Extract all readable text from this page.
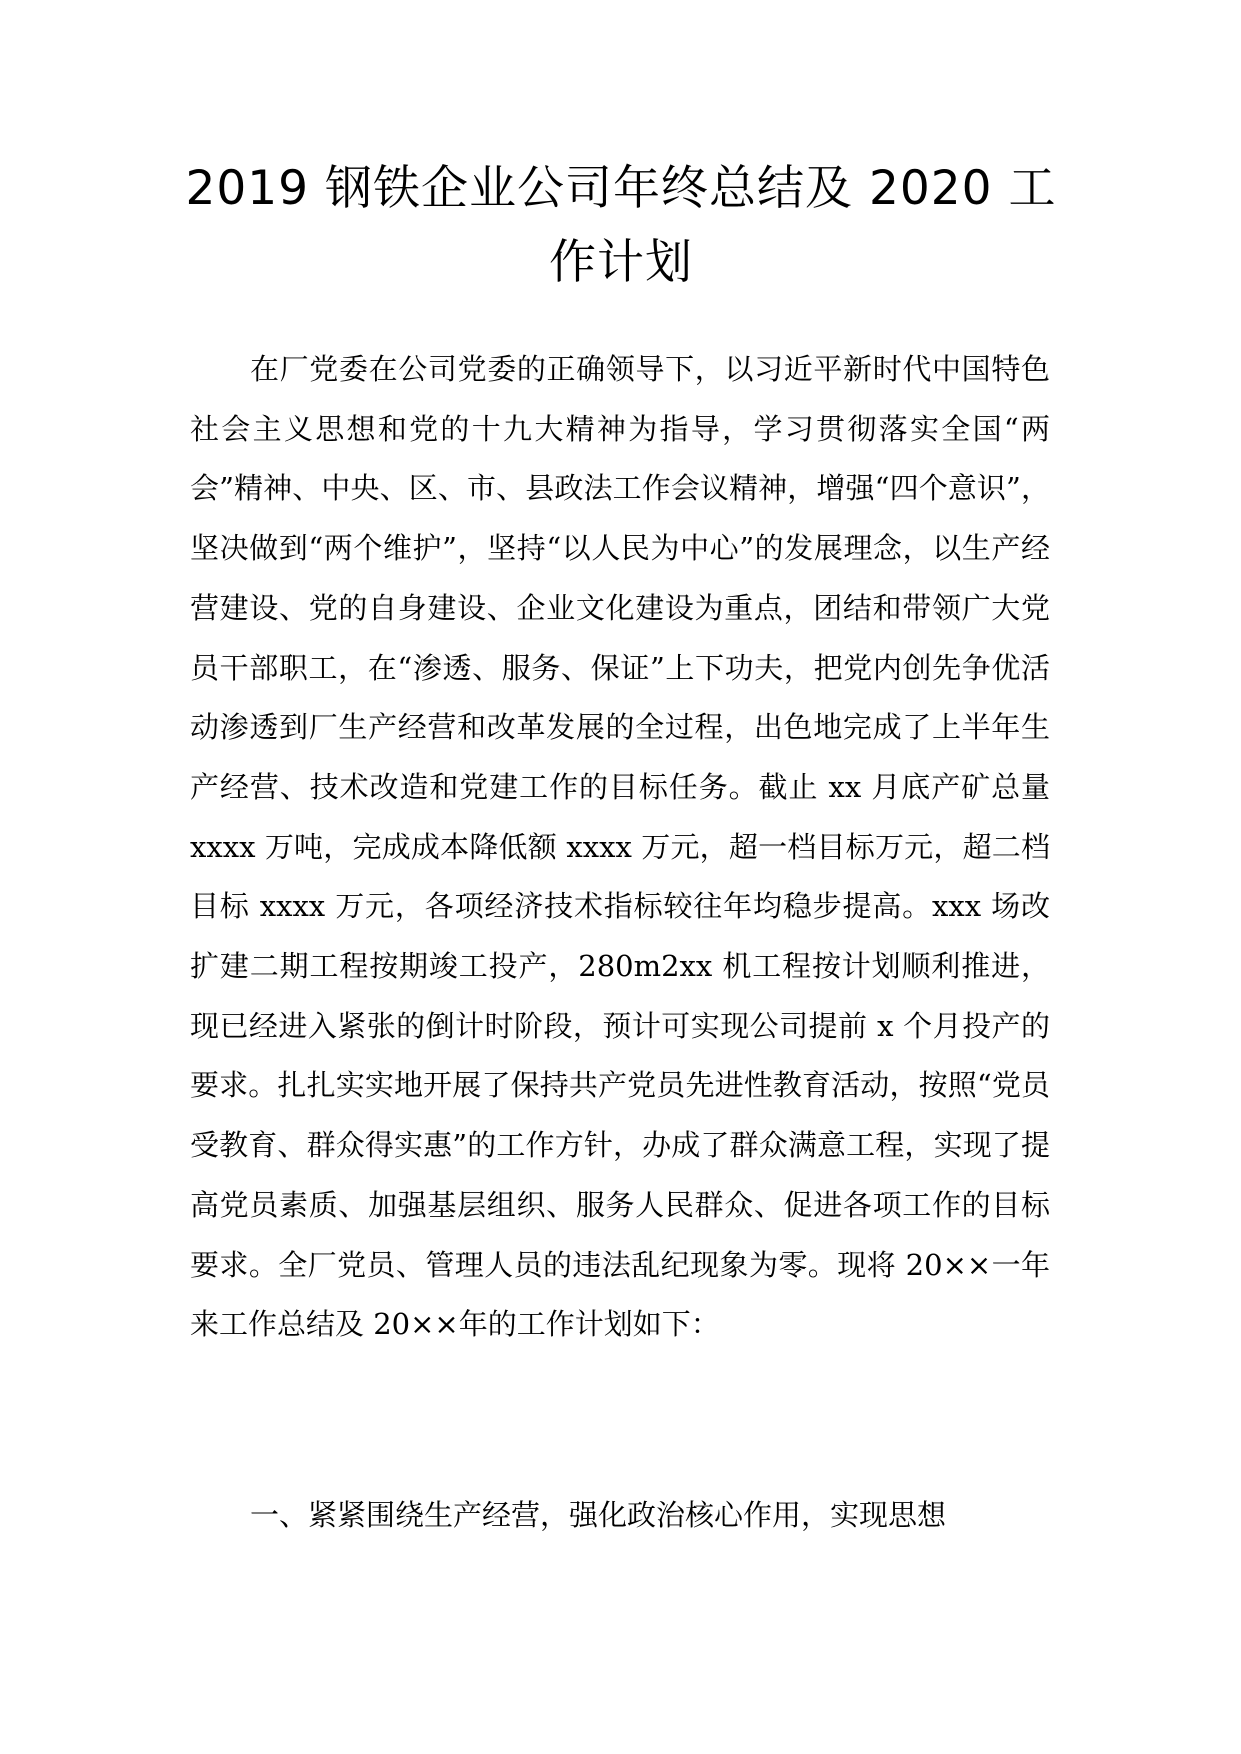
2019 钢铁企业公司年终总结及 2020 工作计划

在厂党委在公司党委的正确领导下，以习近平新时代中国特色社会主义思想和党的十九大精神为指导，学习贯彻落实全国“两会”精神、中央、区、市、县政法工作会议精神，增强“四个意识”，坚决做到“两个维护”，坚持“以人民为中心”的发展理念，以生产经营建设、党的自身建设、企业文化建设为重点，团结和带领广大党员干部职工，在“渗透、服务、保证”上下功夫，把党内创先争优活动渗透到厂生产经营和改革发展的全过程，出色地完成了上半年生产经营、技术改造和党建工作的目标任务。截止 xx 月底产矿总量 xxxx 万吨，完成成本降低额 xxxx 万元，超一档目标万元，超二档目标 xxxx 万元，各项经济技术指标较往年均稳步提高。xxx 场改扩建二期工程按期竣工投产，280m2xx 机工程按计划顺利推进，现已经进入紧张的倒计时阶段，预计可实现公司提前 x 个月投产的要求。扎扎实实地开展了保持共产党员先进性教育活动，按照“党员受教育、群众得实惠”的工作方针，办成了群众满意工程，实现了提高党员素质、加强基层组织、服务人民群众、促进各项工作的目标要求。全厂党员、管理人员的违法乱纪现象为零。现将 20××一年来工作总结及 20××年的工作计划如下：

一、紧紧围绕生产经营，强化政治核心作用，实现思想
